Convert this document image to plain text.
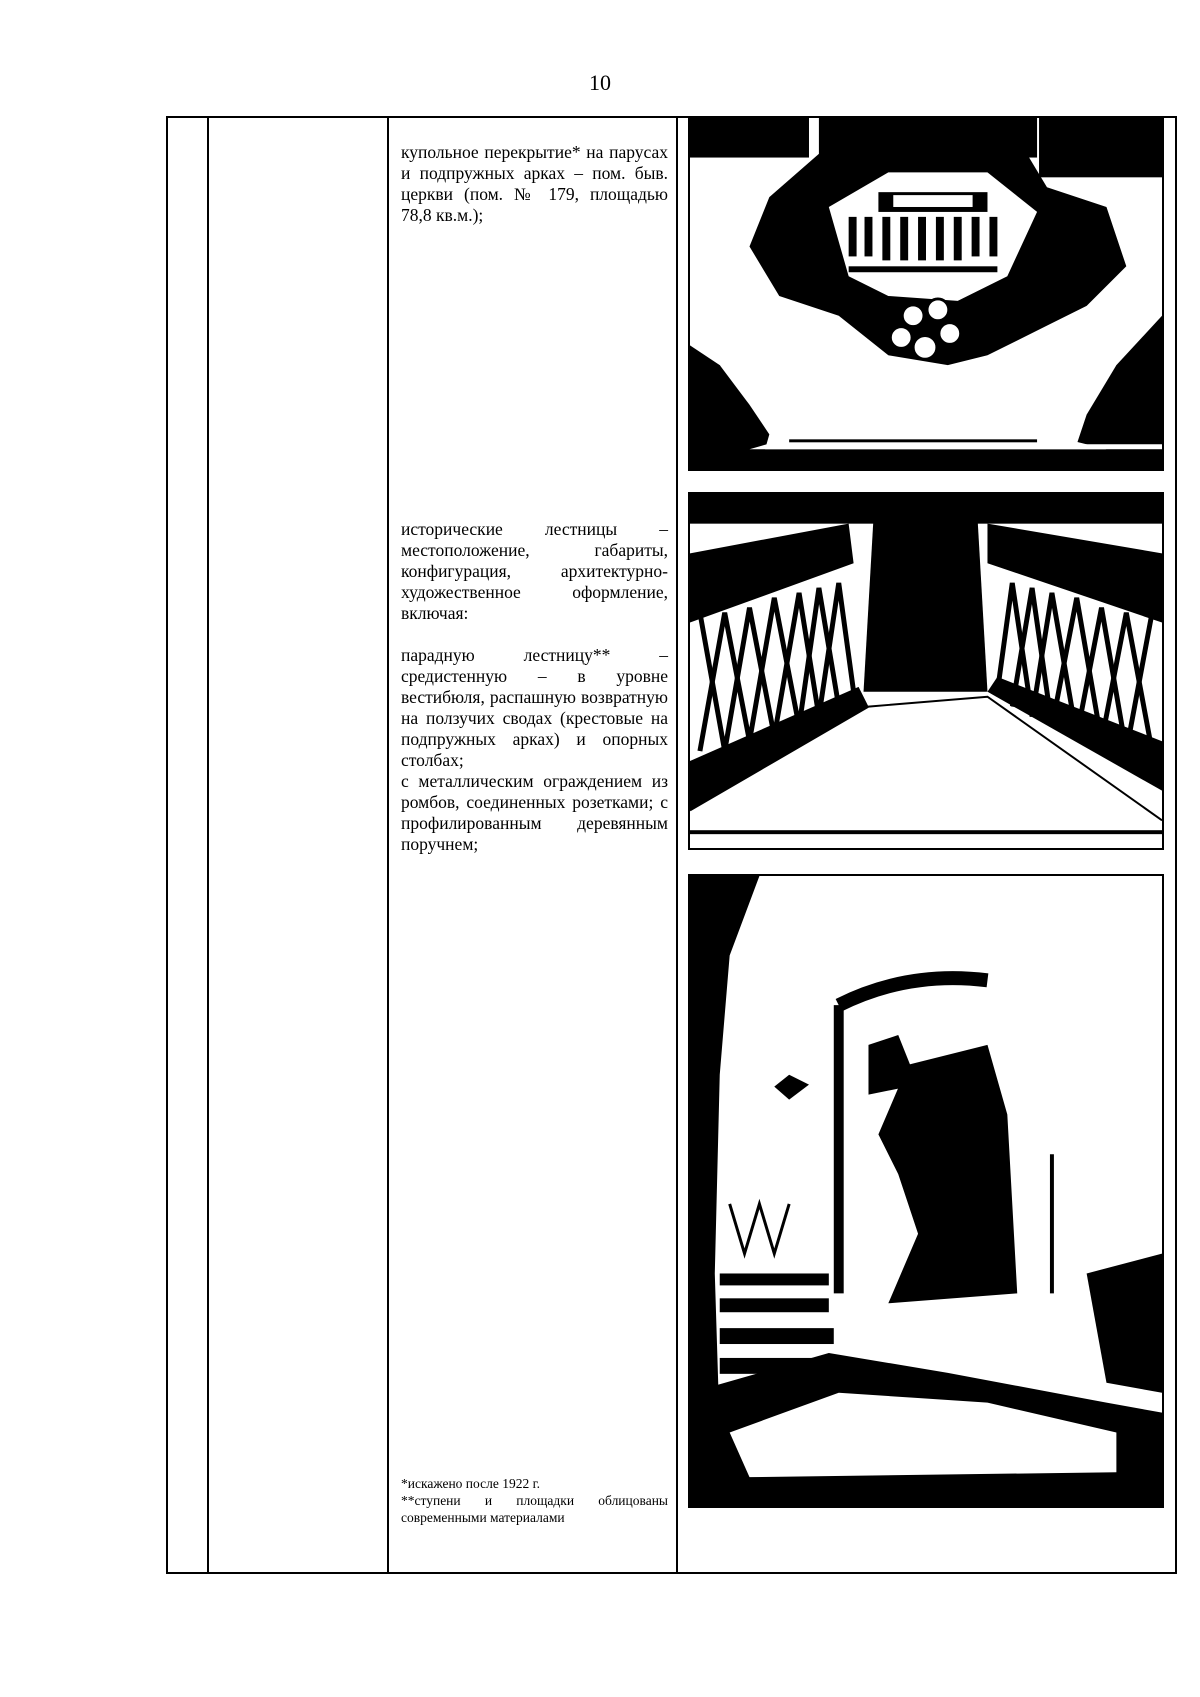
10

купольное перекрытие* на парусах и подпружных арках – пом. быв. церкви (пом. № 179, площадью 78,8 кв.м.);

исторические лестницы – местоположение, габариты, конфигурация, архитектурно-художественное оформление, включая:

парадную лестницу** – средистенную – в уровне вестибюля, распашную возвратную на ползучих сводах (крестовые на подпружных арках) и опорных столбах;

с металлическим ограждением из ромбов, соединенных розетками; с профилированным деревянным поручнем;

*искажено после 1922 г.

**ступени и площадки облицованы современными материалами
